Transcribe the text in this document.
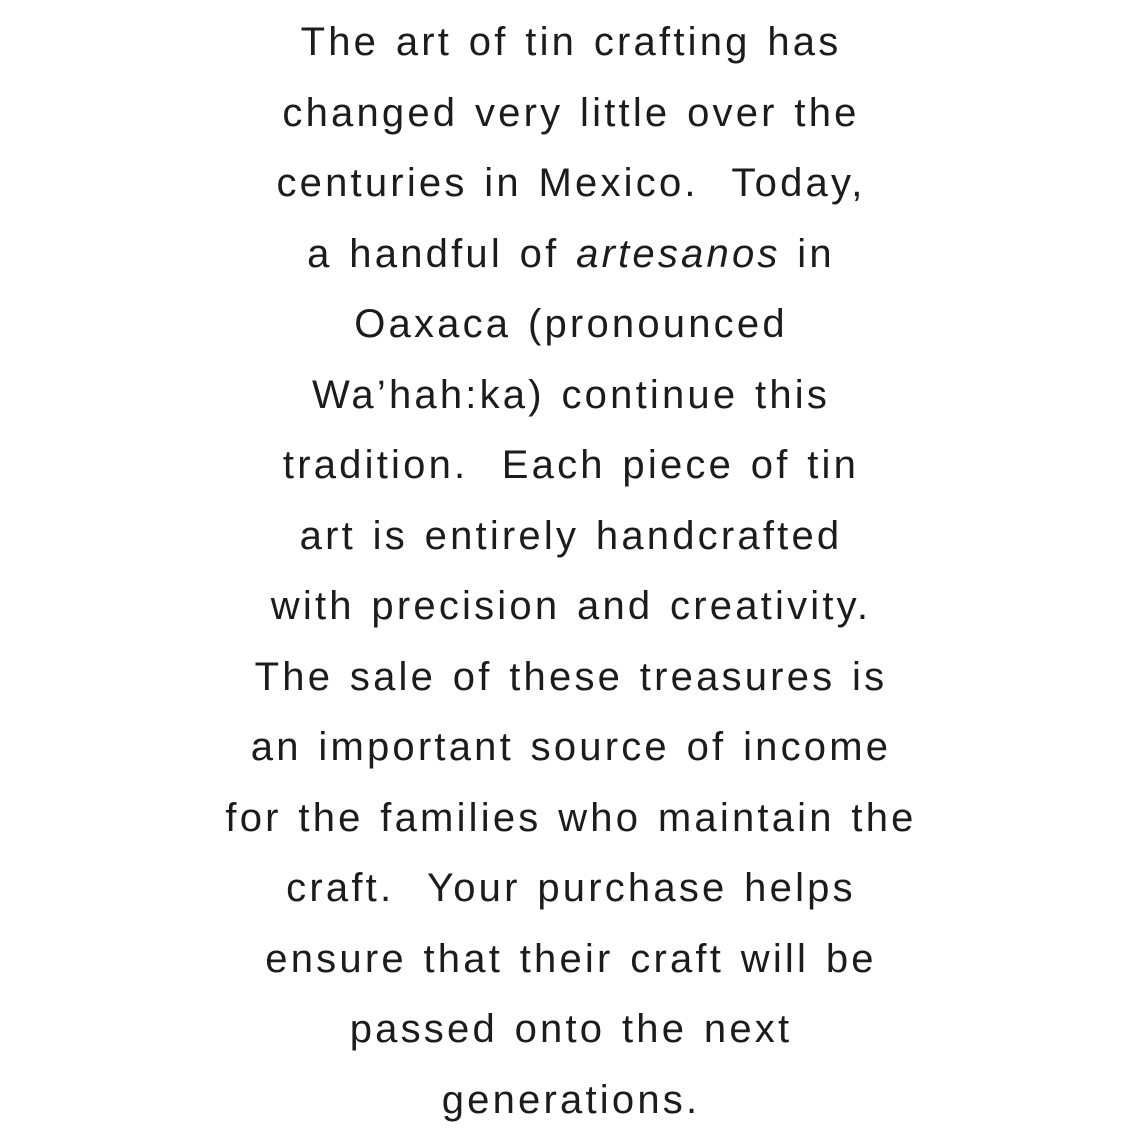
The art of tin crafting has
changed very little over the
centuries in Mexico.  Today,
a handful of artesanos in
Oaxaca (pronounced
Wa’hah:ka) continue this
tradition.  Each piece of tin
art is entirely handcrafted
with precision and creativity.
The sale of these treasures is
an important source of income
for the families who maintain the
craft.  Your purchase helps
ensure that their craft will be
passed onto the next
generations.
